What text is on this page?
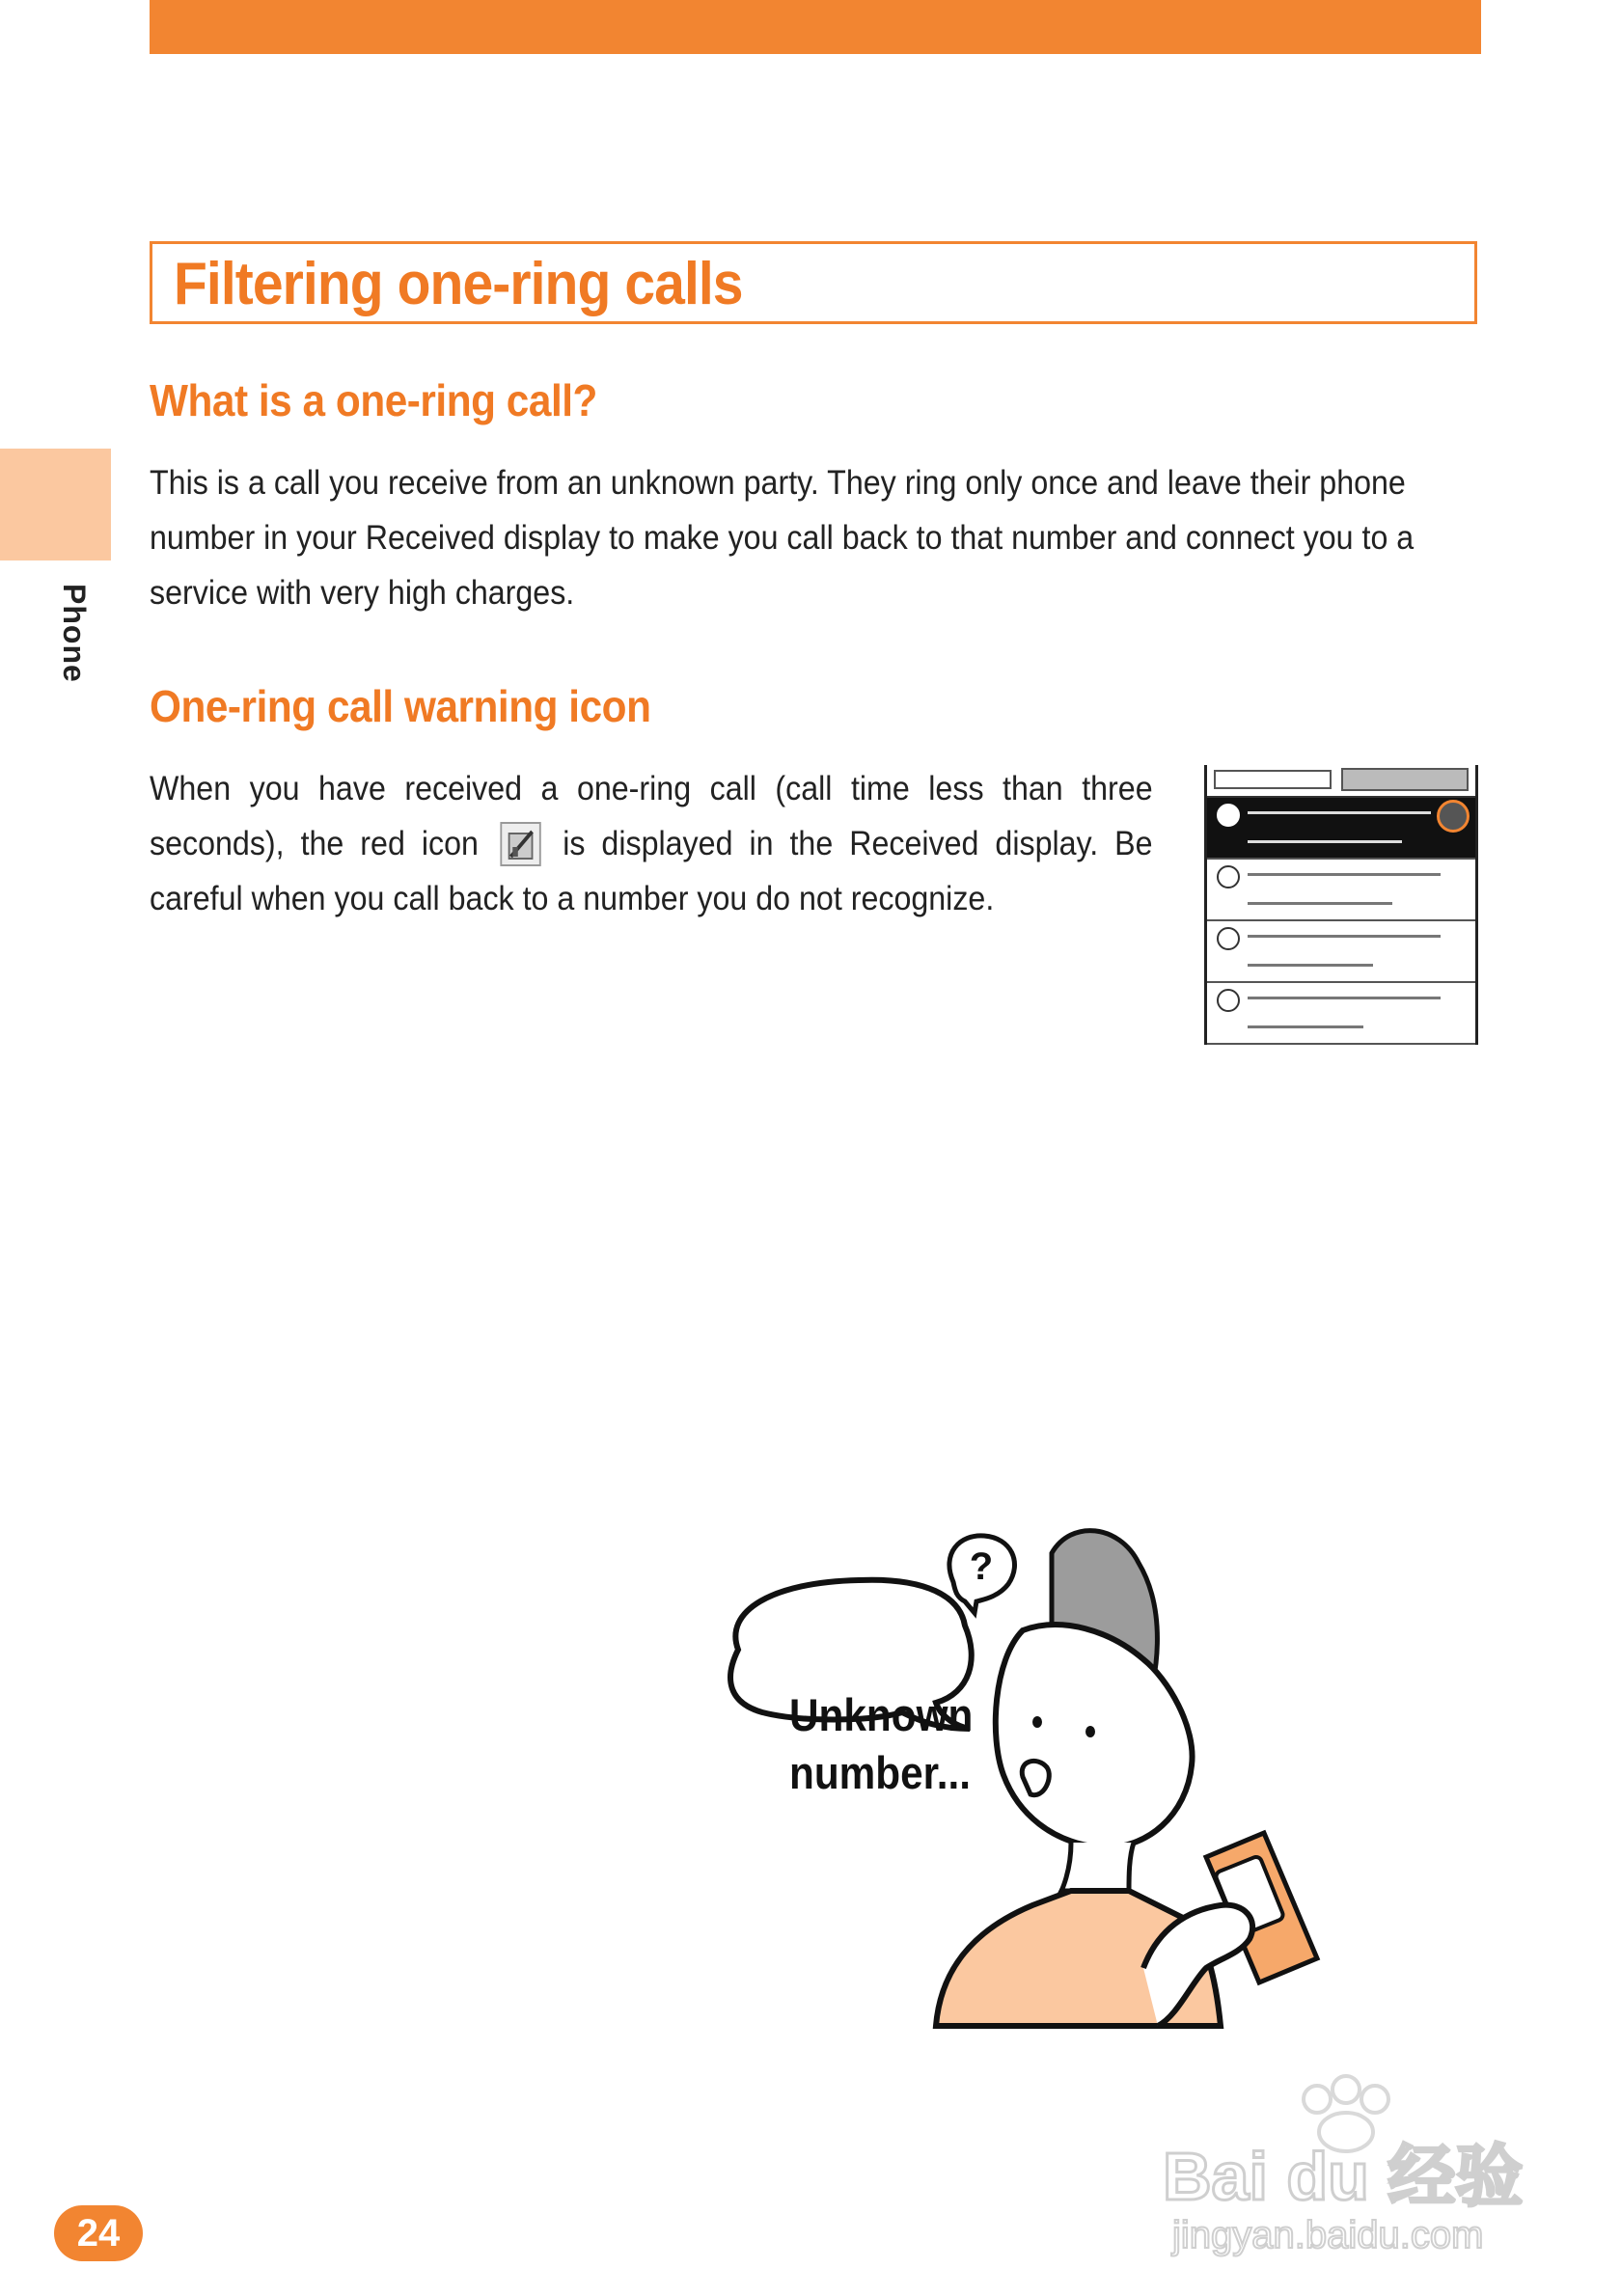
Phone
Filtering one-ring calls
What is a one-ring call?
This is a call you receive from an unknown party. They ring only once and leave their phone number in your Received display to make you call back to that number and connect you to a service with very high charges.
One-ring call warning icon
When you have received a one-ring call (call time less than three seconds), the red icon is displayed in the Received display. Be careful when you call back to a number you do not recognize.
?
Unknown
number...
24
Bai du 经验
jingyan.baidu.com
